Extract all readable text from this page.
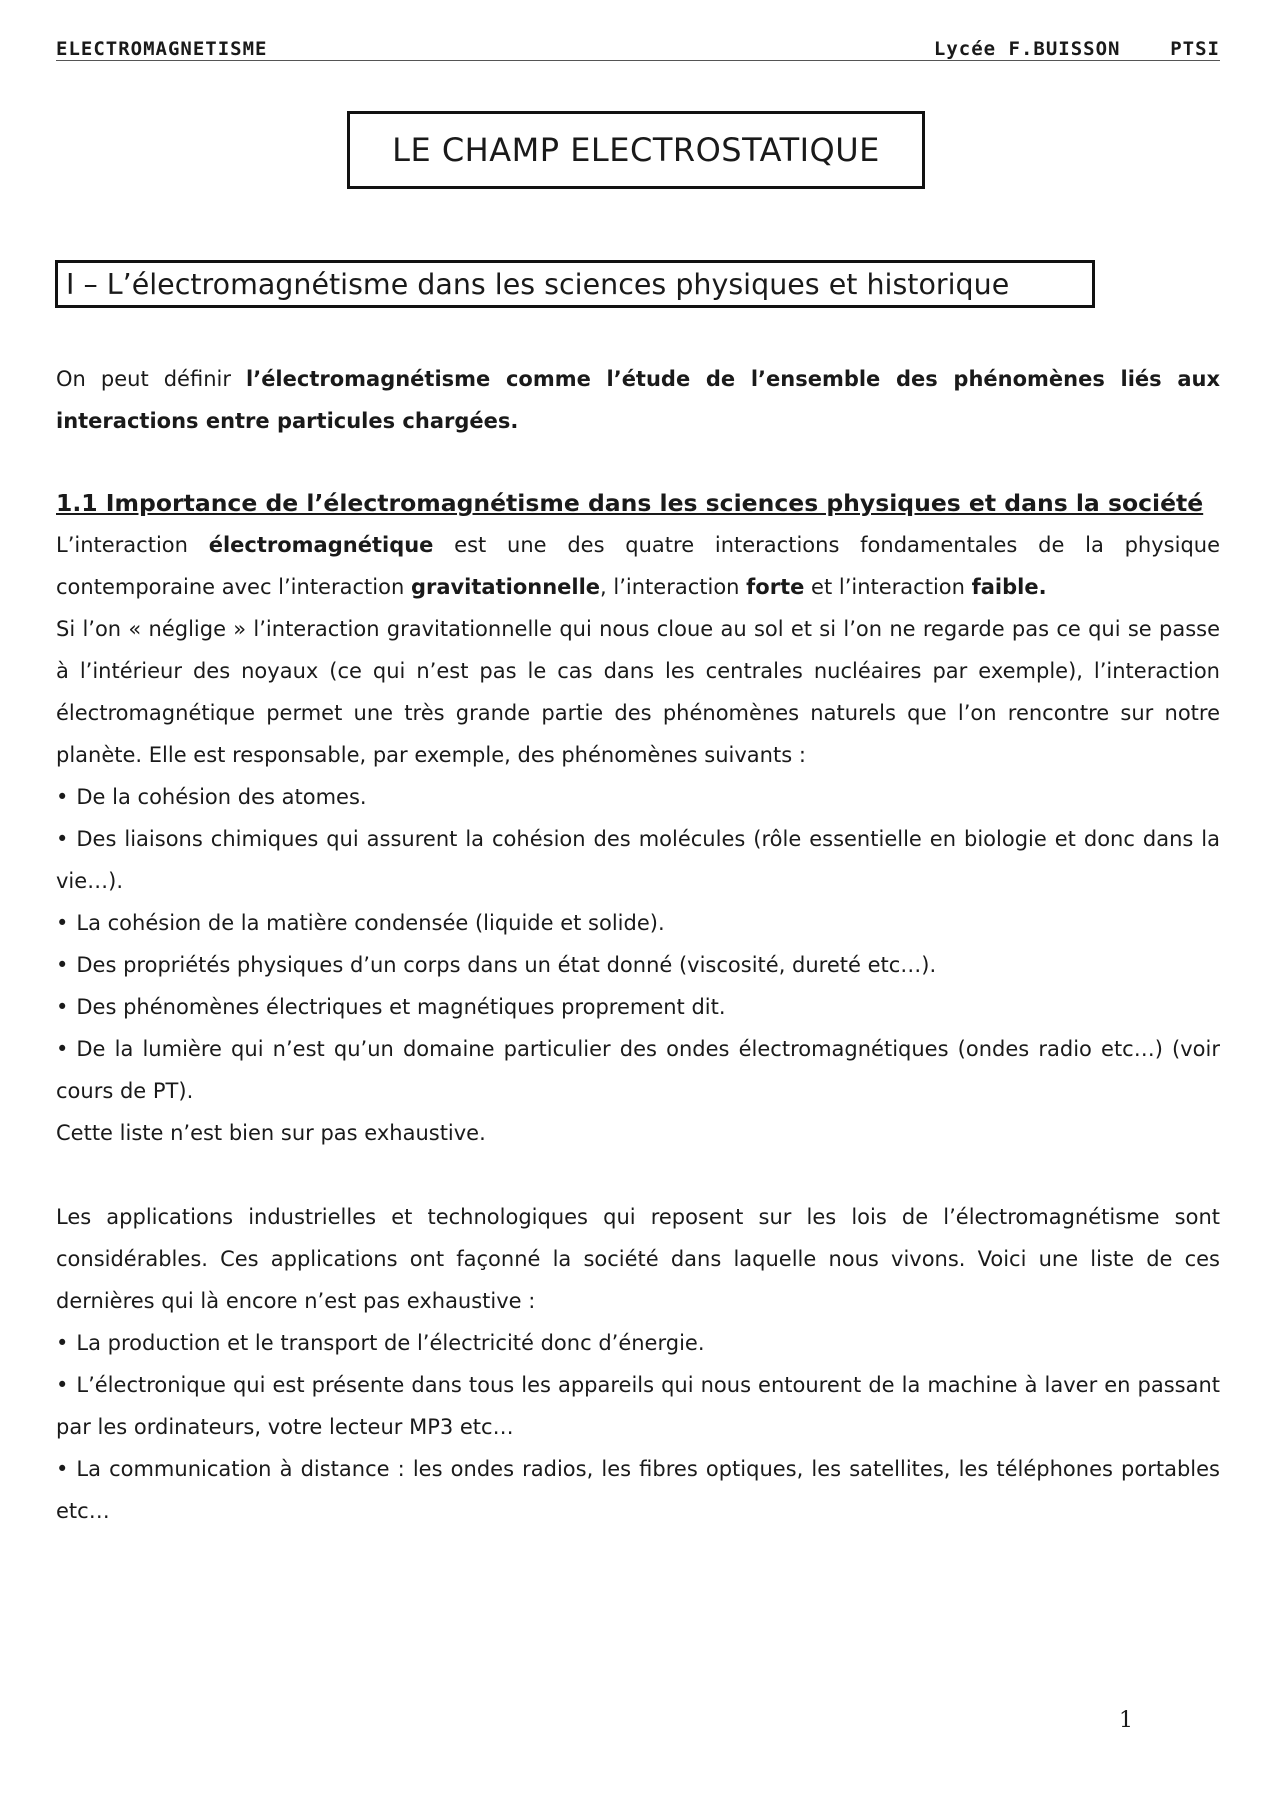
ELECTROMAGNETISME	Lycée F.BUISSON    PTSI
LE CHAMP ELECTROSTATIQUE
I – L’électromagnétisme dans les sciences physiques et historique

On peut définir l’électromagnétisme comme l’étude de l’ensemble des phénomènes liés aux interactions entre particules chargées.

1.1 Importance de l’électromagnétisme dans les sciences physiques et dans la société

L’interaction électromagnétique est une des quatre interactions fondamentales de la physique contemporaine avec l’interaction gravitationnelle, l’interaction forte et l’interaction faible.

Si l’on « néglige » l’interaction gravitationnelle qui nous cloue au sol et si l’on ne regarde pas ce qui se passe à l’intérieur des noyaux (ce qui n’est pas le cas dans les centrales nucléaires par exemple), l’interaction électromagnétique permet une très grande partie des phénomènes naturels que l’on rencontre sur notre planète. Elle est responsable, par exemple, des phénomènes suivants :

• De la cohésion des atomes.

• Des liaisons chimiques qui assurent la cohésion des molécules (rôle essentielle en biologie et donc dans la vie…).

• La cohésion de la matière condensée (liquide et solide).

• Des propriétés physiques d’un corps dans un état donné (viscosité, dureté etc…).

• Des phénomènes électriques et magnétiques proprement dit.

• De la lumière qui n’est qu’un domaine particulier des ondes électromagnétiques (ondes radio etc…) (voir cours de PT).

Cette liste n’est bien sur pas exhaustive.

Les applications industrielles et technologiques qui reposent sur les lois de l’électromagnétisme sont considérables. Ces applications ont façonné la société dans laquelle nous vivons. Voici une liste de ces dernières qui là encore n’est pas exhaustive :

• La production et le transport de l’électricité donc d’énergie.

• L’électronique qui est présente dans tous les appareils qui nous entourent de la machine à laver en passant par les ordinateurs, votre lecteur MP3 etc…

• La communication à distance : les ondes radios, les fibres optiques, les satellites, les téléphones portables etc…

1
